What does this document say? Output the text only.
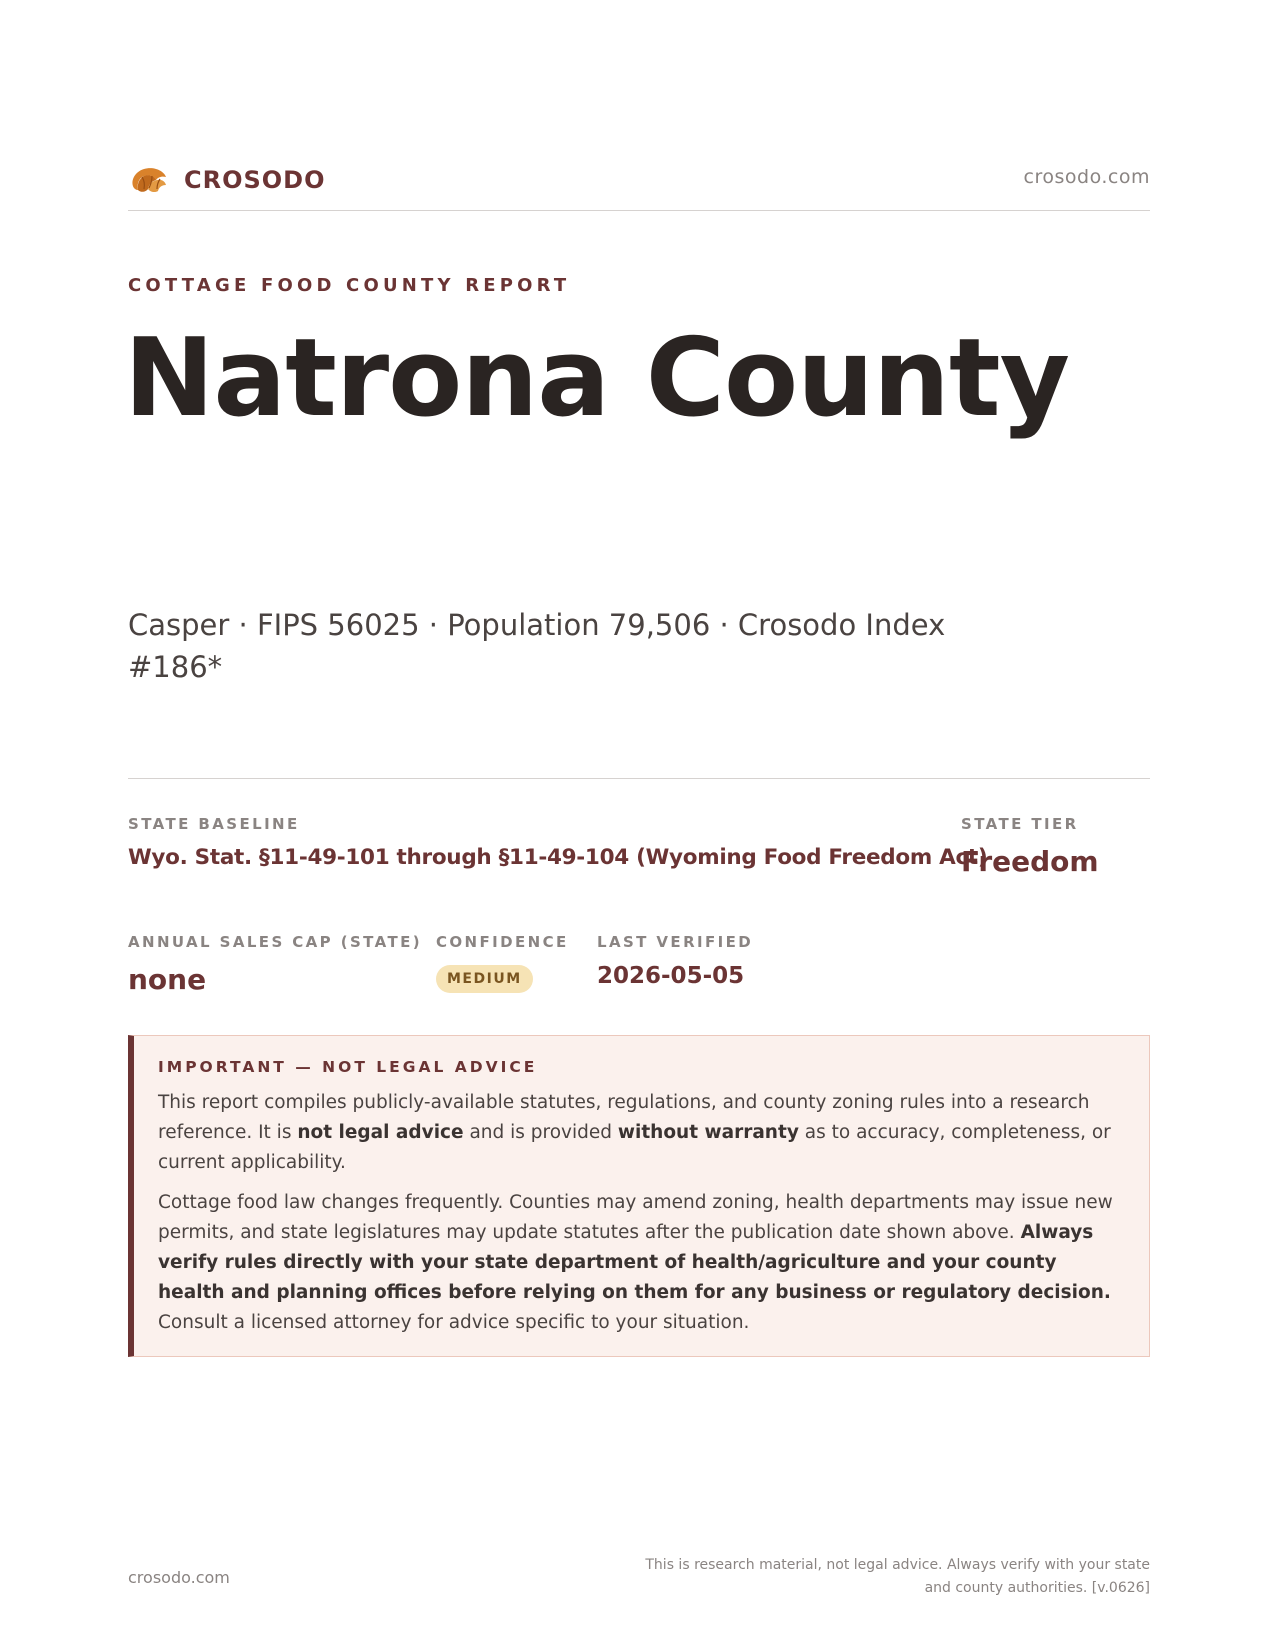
CROSODO	crosodo.com
COTTAGE FOOD COUNTY REPORT
Natrona County
Casper · FIPS 56025 · Population 79,506 · Crosodo Index #186*
STATE BASELINE
Wyo. Stat. §11-49-101 through §11-49-104 (Wyoming Food Freedom Act)
STATE TIER
Freedom
ANNUAL SALES CAP (STATE)
none
CONFIDENCE
MEDIUM
LAST VERIFIED
2026-05-05
IMPORTANT — NOT LEGAL ADVICE

This report compiles publicly-available statutes, regulations, and county zoning rules into a research reference. It is not legal advice and is provided without warranty as to accuracy, completeness, or current applicability.

Cottage food law changes frequently. Counties may amend zoning, health departments may issue new permits, and state legislatures may update statutes after the publication date shown above. Always verify rules directly with your state department of health/agriculture and your county health and planning offices before relying on them for any business or regulatory decision. Consult a licensed attorney for advice specific to your situation.

crosodo.com
This is research material, not legal advice. Always verify with your state and county authorities. [v.0626]
